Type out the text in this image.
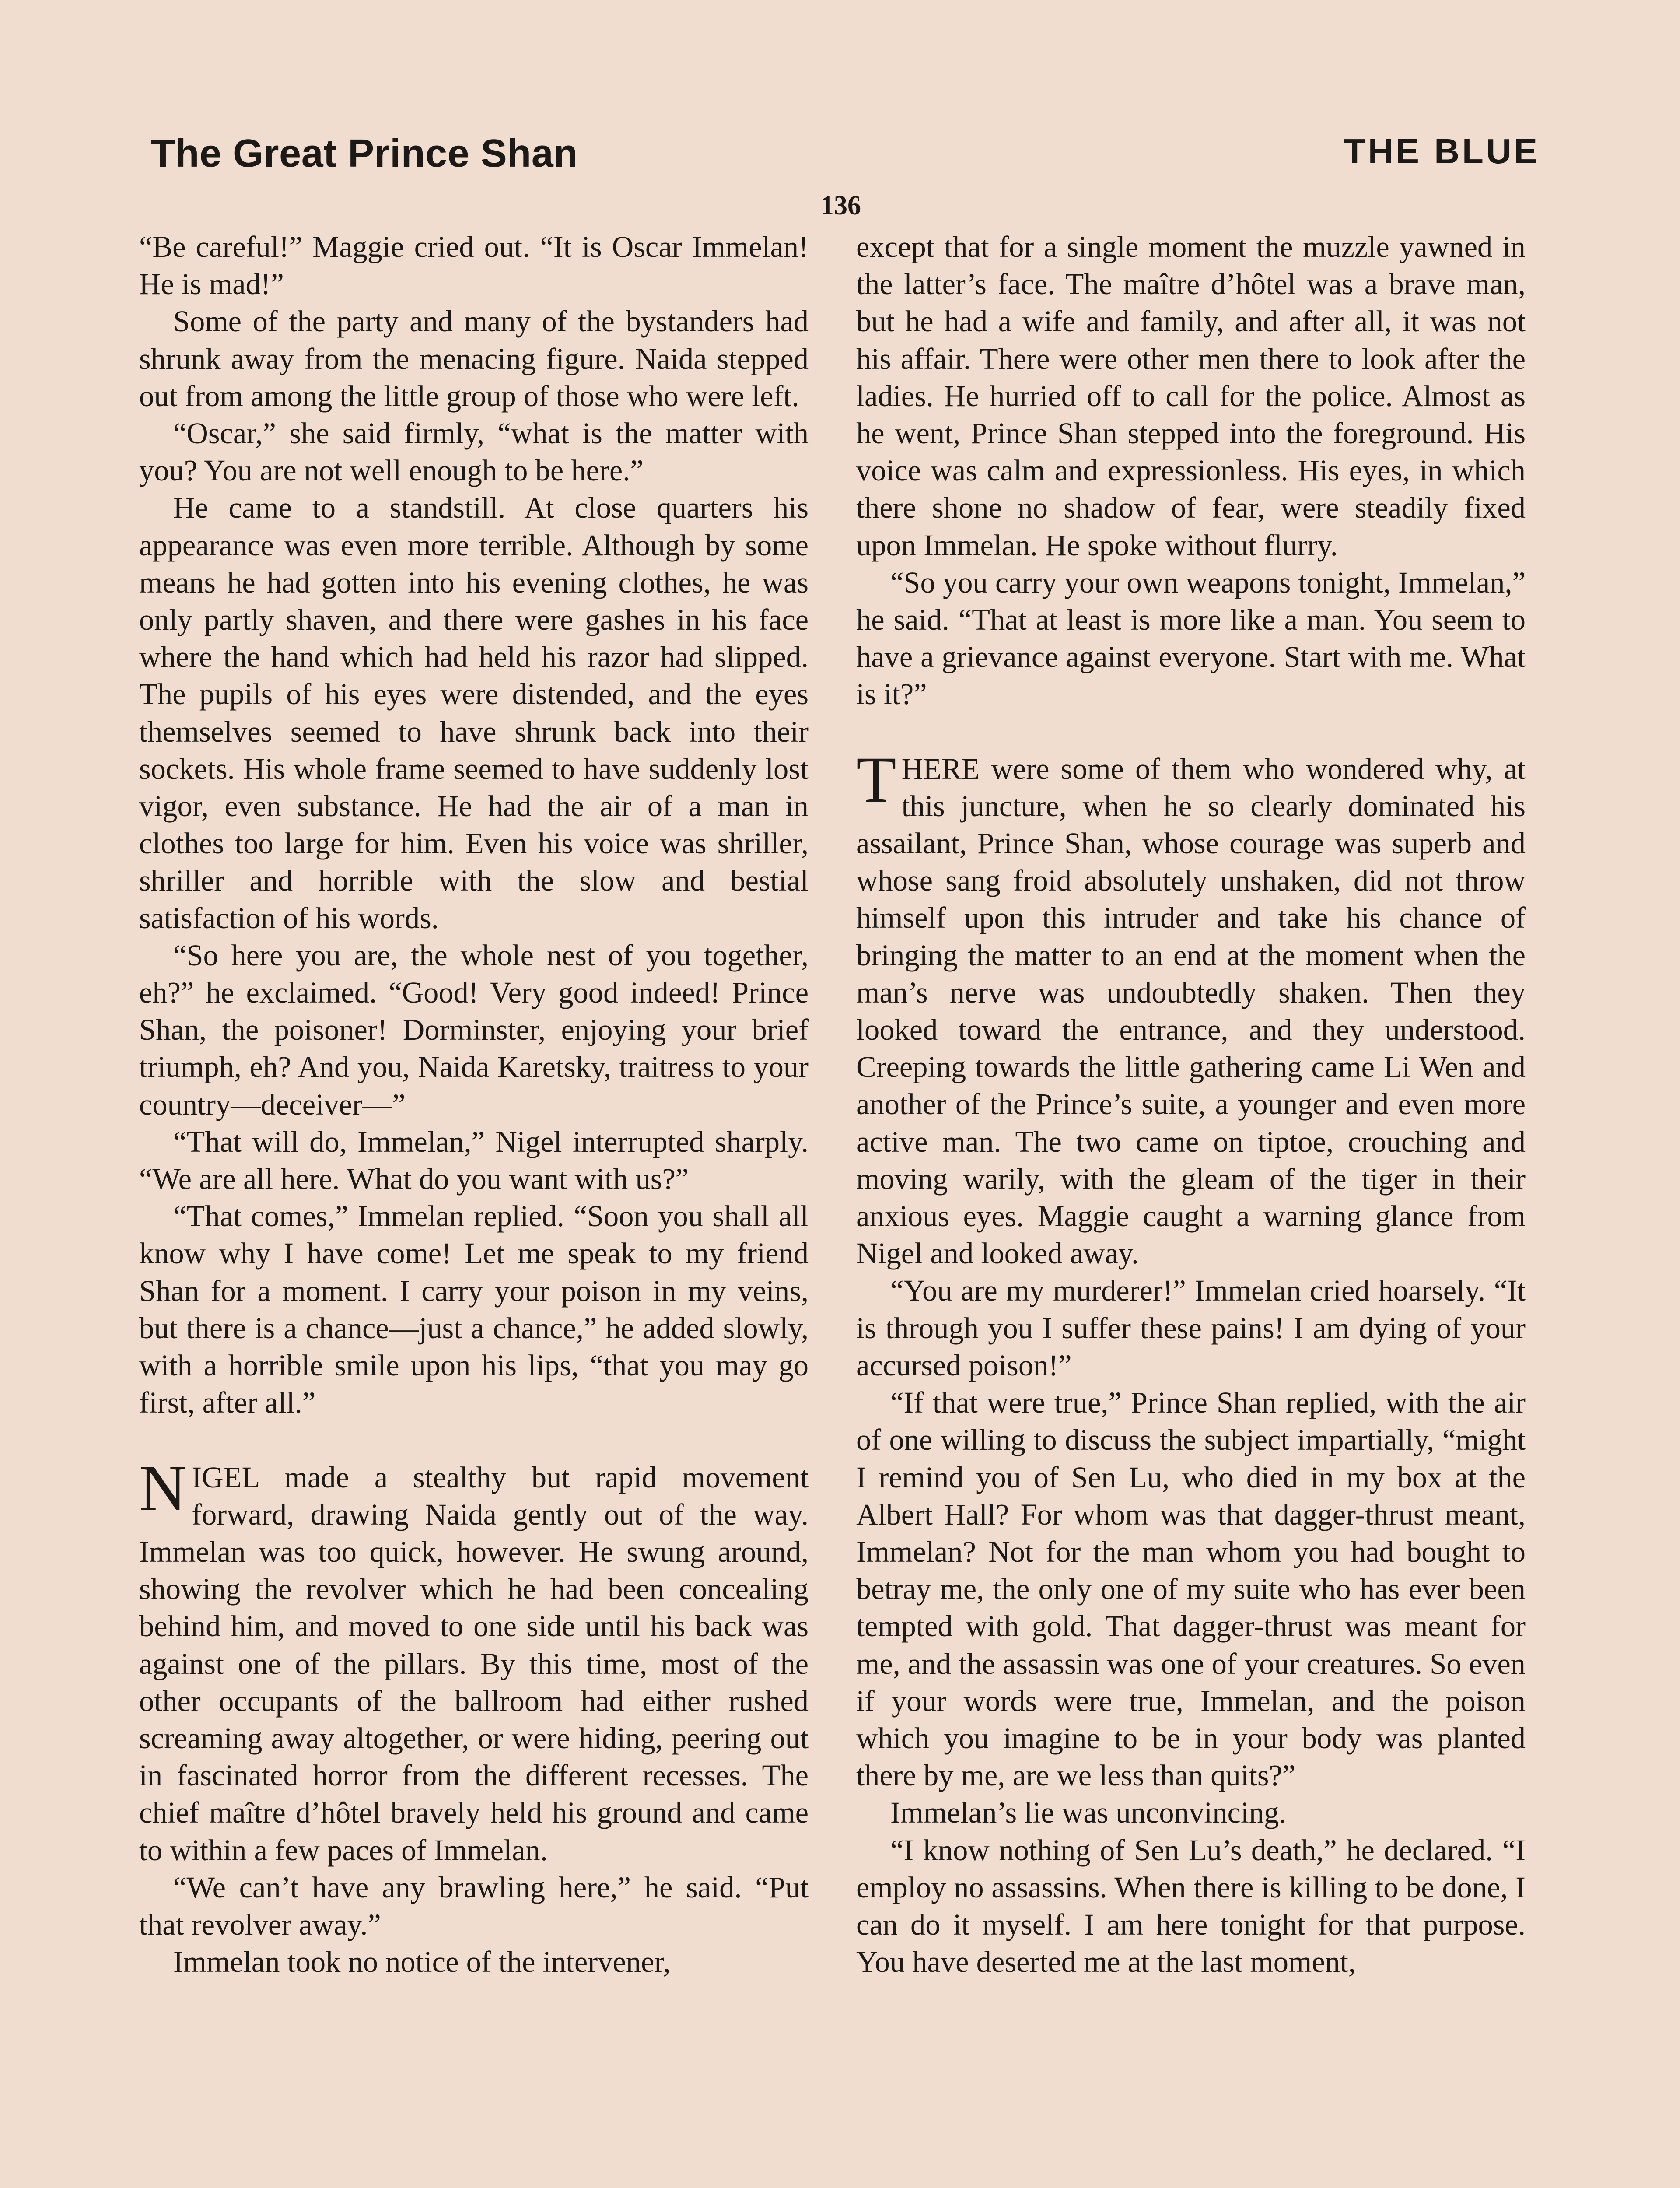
The Great Prince Shan	THE BLUE
136

“Be careful!” Maggie cried out. “It is Oscar Immelan! He is mad!”

Some of the party and many of the bystanders had shrunk away from the menacing figure. Naida stepped out from among the little group of those who were left.

“Oscar,” she said firmly, “what is the matter with you? You are not well enough to be here.”

He came to a standstill. At close quarters his appearance was even more terrible. Although by some means he had gotten into his evening clothes, he was only partly shaven, and there were gashes in his face where the hand which had held his razor had slipped. The pupils of his eyes were distended, and the eyes themselves seemed to have shrunk back into their sockets. His whole frame seemed to have suddenly lost vigor, even substance. He had the air of a man in clothes too large for him. Even his voice was shriller, shriller and horrible with the slow and bestial satisfaction of his words.

“So here you are, the whole nest of you together, eh?” he exclaimed. “Good! Very good indeed! Prince Shan, the poisoner! Dorminster, enjoying your brief triumph, eh? And you, Naida Karetsky, traitress to your country—deceiver—”

“That will do, Immelan,” Nigel interrupted sharply. “We are all here. What do you want with us?”

“That comes,” Immelan replied. “Soon you shall all know why I have come! Let me speak to my friend Shan for a moment. I carry your poison in my veins, but there is a chance—just a chance,” he added slowly, with a horrible smile upon his lips, “that you may go first, after all.”

NIGEL made a stealthy but rapid movement forward, drawing Naida gently out of the way. Immelan was too quick, however. He swung around, showing the revolver which he had been concealing behind him, and moved to one side until his back was against one of the pillars. By this time, most of the other occupants of the ballroom had either rushed screaming away altogether, or were hiding, peering out in fascinated horror from the different recesses. The chief maître d’hôtel bravely held his ground and came to within a few paces of Immelan.

“We can’t have any brawling here,” he said. “Put that revolver away.”

Immelan took no notice of the intervener,

except that for a single moment the muzzle yawned in the latter’s face. The maître d’hôtel was a brave man, but he had a wife and family, and after all, it was not his affair. There were other men there to look after the ladies. He hurried off to call for the police. Almost as he went, Prince Shan stepped into the foreground. His voice was calm and expressionless. His eyes, in which there shone no shadow of fear, were steadily fixed upon Immelan. He spoke without flurry.

“So you carry your own weapons tonight, Immelan,” he said. “That at least is more like a man. You seem to have a grievance against everyone. Start with me. What is it?”

THERE were some of them who wondered why, at this juncture, when he so clearly dominated his assailant, Prince Shan, whose courage was superb and whose sang froid absolutely unshaken, did not throw himself upon this intruder and take his chance of bringing the matter to an end at the moment when the man’s nerve was undoubtedly shaken. Then they looked toward the entrance, and they understood. Creeping towards the little gathering came Li Wen and another of the Prince’s suite, a younger and even more active man. The two came on tiptoe, crouching and moving warily, with the gleam of the tiger in their anxious eyes. Maggie caught a warning glance from Nigel and looked away.

“You are my murderer!” Immelan cried hoarsely. “It is through you I suffer these pains! I am dying of your accursed poison!”

“If that were true,” Prince Shan replied, with the air of one willing to discuss the subject impartially, “might I remind you of Sen Lu, who died in my box at the Albert Hall? For whom was that dagger-thrust meant, Immelan? Not for the man whom you had bought to betray me, the only one of my suite who has ever been tempted with gold. That dagger-thrust was meant for me, and the assassin was one of your creatures. So even if your words were true, Immelan, and the poison which you imagine to be in your body was planted there by me, are we less than quits?”

Immelan’s lie was unconvincing.

“I know nothing of Sen Lu’s death,” he declared. “I employ no assassins. When there is killing to be done, I can do it myself. I am here tonight for that purpose. You have deserted me at the last moment,
